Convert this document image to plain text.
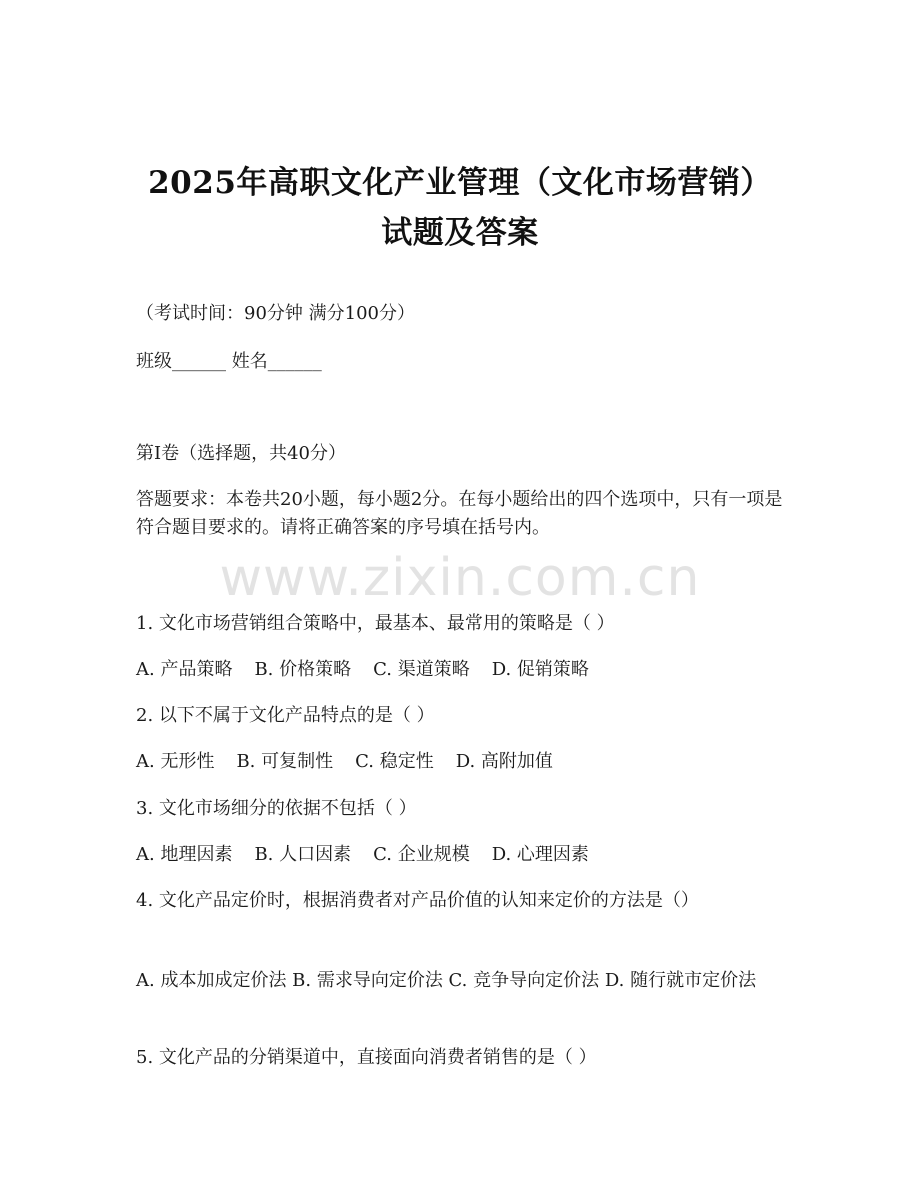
2025年高职文化产业管理（文化市场营销）
试题及答案
（考试时间：90分钟 满分100分）
班级______ 姓名______
第I卷（选择题，共40分）
答题要求：本卷共20小题，每小题2分。在每小题给出的四个选项中，只有一项是符合题目要求的。请将正确答案的序号填在括号内。
www.zixin.com.cn
1. 文化市场营销组合策略中，最基本、最常用的策略是（ ）
A. 产品策略 B. 价格策略 C. 渠道策略 D. 促销策略
2. 以下不属于文化产品特点的是（ ）
A. 无形性 B. 可复制性 C. 稳定性 D. 高附加值
3. 文化市场细分的依据不包括（ ）
A. 地理因素 B. 人口因素 C. 企业规模 D. 心理因素
4. 文化产品定价时，根据消费者对产品价值的认知来定价的方法是（）
A. 成本加成定价法 B. 需求导向定价法 C. 竞争导向定价法 D. 随行就市定价法
5. 文化产品的分销渠道中，直接面向消费者销售的是（ ）
